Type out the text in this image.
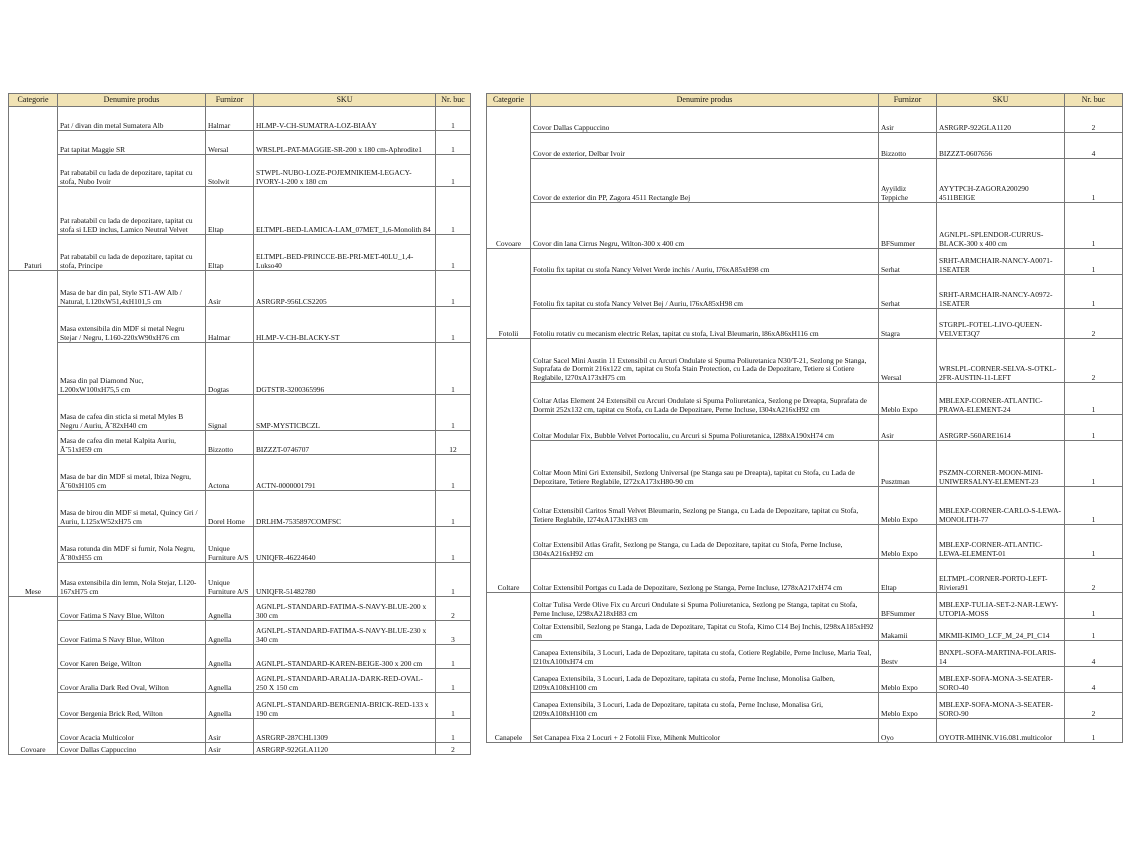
Categorie	Denumire produs	Furnizor	SKU	Nr. buc
Paturi	Pat / divan din metal Sumatera Alb	Halmar	HLMP-V-CH-SUMATRA-LOZ-BIAÅY	1
	Pat tapitat Maggie SR	Wersal	WRSLPL-PAT-MAGGIE-SR-200 x 180 cm-Aphrodite1	1
	Pat rabatabil cu lada de depozitare, tapitat cu stofa, Nubo Ivoir	Stolwit	STWPL-NUBO-LOZE-POJEMNIKIEM-LEGACY-IVORY-1-200 x 180 cm	1
	Pat rabatabil cu lada de depozitare, tapitat cu stofa si LED inclus, Lamico Neutral Velvet	Eltap	ELTMPL-BED-LAMICA-LAM_07MET_1,6-Monolith 84	1
	Pat rabatabil cu lada de depozitare, tapitat cu stofa, Principe	Eltap	ELTMPL-BED-PRINCCE-BE-PRI-MET-40LU_1,4-Lukso40	1
Mese	Masa de bar din pal, Style ST1-AW Alb / Natural, L120xW51,4xH101,5 cm	Asir	ASRGRP-956LCS2205	1
	Masa extensibila din MDF si metal Negru Stejar / Negru, L160-220xW90xH76 cm	Halmar	HLMP-V-CH-BLACKY-ST	1
	Masa din pal Diamond Nuc, L200xW100xH75,5 cm	Dogtas	DGTSTR-3200365996	1
	Masa de cafea din sticla si metal Myles B Negru / Auriu, Ã˜82xH40 cm	Signal	SMP-MYSTICBCZL	1
	Masa de cafea din metal Kalpita Auriu, Ã˜51xH59 cm	Bizzotto	BIZZZT-0746707	12
	Masa de bar din MDF si metal, Ibiza Negru, Ã˜60xH105 cm	Actona	ACTN-0000001791	1
	Masa de birou din MDF si metal, Quincy Gri / Auriu, L125xW52xH75 cm	Dorel Home	DRLHM-7535897COMFSC	1
	Masa rotunda din MDF si furnir, Nola Negru, Ã˜80xH55 cm	Unique Furniture A/S	UNIQFR-46224640	1
	Masa extensibila din lemn, Nola Stejar, L120-167xH75 cm	Unique Furniture A/S	UNIQFR-51482780	1
Covoare	Covor Fatima S Navy Blue, Wilton	Agnella	AGNLPL-STANDARD-FATIMA-S-NAVY-BLUE-200 x 300 cm	2
	Covor Fatima S Navy Blue, Wilton	Agnella	AGNLPL-STANDARD-FATIMA-S-NAVY-BLUE-230 x 340 cm	3
	Covor Karen Beige, Wilton	Agnella	AGNLPL-STANDARD-KAREN-BEIGE-300 x 200 cm	1
	Covor Aralia Dark Red Oval, Wilton	Agnella	AGNLPL-STANDARD-ARALIA-DARK-RED-OVAL-250 X 150 cm	1
	Covor Bergenia Brick Red, Wilton	Agnella	AGNLPL-STANDARD-BERGENIA-BRICK-RED-133 x 190 cm	1
	Covor Acacia Multicolor	Asir	ASRGRP-287CHL1309	1
	Covor Dallas Cappuccino	Asir	ASRGRP-922GLA1120	2
Categorie	Denumire produs	Furnizor	SKU	Nr. buc
Covoare	Covor Dallas Cappuccino	Asir	ASRGRP-922GLA1120	2
	Covor de exterior, Delbar Ivoir	Bizzotto	BIZZZT-0607656	4
	Covor de exterior din PP, Zagora 4511 Rectangle Bej	Ayyildiz Teppiche	AYYTPCH-ZAGORA200290 4511BEIGE	1
	Covor din lana Cirrus Negru, Wilton-300 x 400 cm	BFSummer	AGNLPL-SPLENDOR-CURRUS-BLACK-300 x 400 cm	1
Fotolii	Fotoliu fix tapitat cu stofa Nancy Velvet Verde inchis / Auriu, l76xA85xH98 cm	Serhat	SRHT-ARMCHAIR-NANCY-A0071-1SEATER	1
	Fotoliu fix tapitat cu stofa Nancy Velvet Bej / Auriu, l76xA85xH98 cm	Serhat	SRHT-ARMCHAIR-NANCY-A0972-1SEATER	1
	Fotoliu rotativ cu mecanism electric Relax, tapitat cu stofa, Lival Bleumarin, l86xA86xH116 cm	Stagra	STGRPL-FOTEL-LIVO-QUEEN-VELVET3Q7	2
Coltare	Coltar Sacel Mini Austin 11 Extensibil cu Arcuri Ondulate si Spuma Poliuretanica N30/T-21, Sezlong pe Stanga, Suprafata de Dormit 216x122 cm, tapitat cu Stofa Stain Protection, cu Lada de Depozitare, Tetiere si Cotiere Reglabile, l270xA173xH75 cm	Wersal	WRSLPL-CORNER-SELVA-S-OTKL-2FR-AUSTIN-11-LEFT	2
	Coltar Atlas Element 24 Extensibil cu Arcuri Ondulate si Spuma Poliuretanica, Sezlong pe Dreapta, Suprafata de Dormit 252x132 cm, tapitat cu Stofa, cu Lada de Depozitare, Perne Incluse, l304xA216xH92 cm	Meblo Expo	MBLEXP-CORNER-ATLANTIC-PRAWA-ELEMENT-24	1
	Coltar Modular Fix, Bubble Velvet Portocaliu, cu Arcuri si Spuma Poliuretanica, l288xA190xH74 cm	Asir	ASRGRP-560ARE1614	1
	Coltar Moon Mini Gri Extensibil, Sezlong Universal (pe Stanga sau pe Dreapta), tapitat cu Stofa, cu Lada de Depozitare, Tetiere Reglabile, l272xA173xH80-90 cm	Pusztman	PSZMN-CORNER-MOON-MINI-UNIWERSALNY-ELEMENT-23	1
	Coltar Extensibil Caritos Small Velvet Bleumarin, Sezlong pe Stanga, cu Lada de Depozitare, tapitat cu Stofa, Tetiere Reglabile, l274xA173xH83 cm	Meblo Expo	MBLEXP-CORNER-CARLO-S-LEWA-MONOLITH-77	1
	Coltar Extensibil Atlas Grafit, Sezlong pe Stanga, cu Lada de Depozitare, tapitat cu Stofa, Perne Incluse, l304xA216xH92 cm	Meblo Expo	MBLEXP-CORNER-ATLANTIC-LEWA-ELEMENT-01	1
	Coltar Extensibil Portgas cu Lada de Depozitare, Sezlong pe Stanga, Perne Incluse, l278xA217xH74 cm	Eltap	ELTMPL-CORNER-PORTO-LEFT-Riviera91	2
Canapele	Coltar Tulisa Verde Olive Fix cu Arcuri Ondulate si Spuma Poliuretanica, Sezlong pe Stanga, tapitat cu Stofa, Perne Incluse, l298xA218xH83 cm	BFSummer	MBLEXP-TULIA-SET-2-NAR-LEWY-UTOPIA-MOSS	1
	Coltar Extensibil, Sezlong pe Stanga, Lada de Depozitare, Tapitat cu Stofa, Kimo C14 Bej Inchis, l298xA185xH92 cm	Makamii	MKMII-KIMO_LCF_M_24_PI_C14	1
	Canapea Extensibila, 3 Locuri, Lada de Depozitare, tapitata cu stofa, Cotiere Reglabile, Perne Incluse, Maria Teal, l210xA100xH74 cm	Bestv	BNXPL-SOFA-MARTINA-FOLARIS-14	4
	Canapea Extensibila, 3 Locuri, Lada de Depozitare, tapitata cu stofa, Perne Incluse, Monolisa Galben, l209xA108xH100 cm	Meblo Expo	MBLEXP-SOFA-MONA-3-SEATER-SORO-40	4
	Canapea Extensibila, 3 Locuri, Lada de Depozitare, tapitata cu stofa, Perne Incluse, Monalisa Gri, l209xA108xH100 cm	Meblo Expo	MBLEXP-SOFA-MONA-3-SEATER-SORO-90	2
	Set Canapea Fixa 2 Locuri + 2 Fotolii Fixe, Mihenk Multicolor	Oyo	OYOTR-MIHNK.V16.081.multicolor	1
